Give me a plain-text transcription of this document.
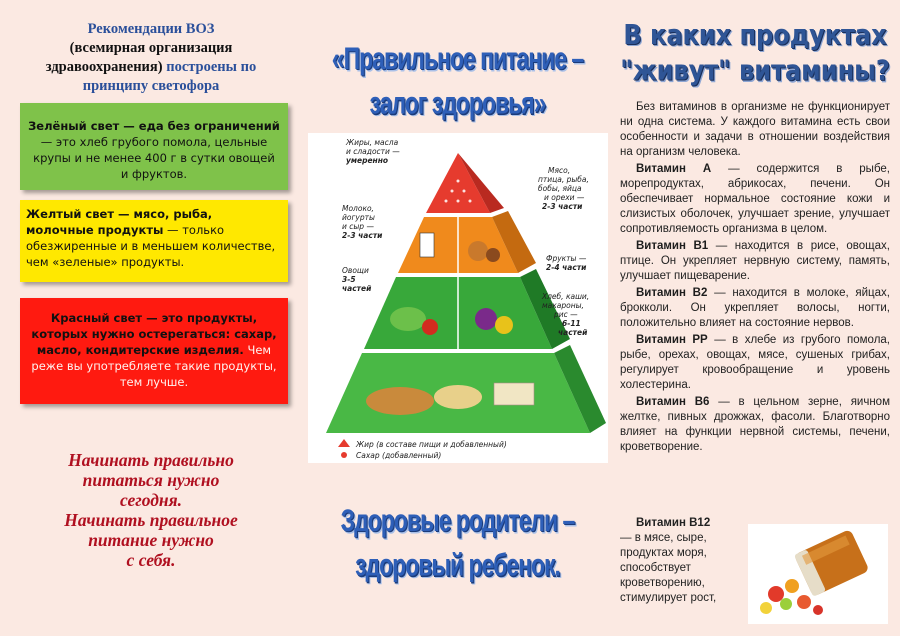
Рекомендации ВОЗ
(всемирная организация здравоохранения) построены по принципу светофора
Зелёный свет — еда без ограничений — это хлеб грубого помола, цельные крупы и не менее 400 г в сутки овощей и фруктов.
Желтый свет — мясо, рыба, молочные продукты — только обезжиренные и в меньшем количестве, чем «зеленые» продукты.
Красный свет — это продукты, которых нужно остерегаться: сахар, масло, кондитерские изделия. Чем реже вы употребляете такие продукты, тем лучше.
Начинать правильно
питаться нужно
сегодня.
Начинать правильное
питание нужно
с себя.
«Правильное питание –
залог здоровья»
Жиры, масла и сладости — умеренно
Мясо, птица, рыба, бобы, яйца и орехи — 2-3 части
Молоко, йогурты и сыр — 2-3 части
Фрукты — 2-4 части
Овощи 3-5 частей
Хлеб, каши, макароны, рис — 6-11 частей
Жир (в составе пищи и добавленный)
Сахар (добавленный)
Здоровые родители –
здоровый ребенок.
В каких продуктах
"живут" витамины?

Без витаминов в организме не функционирует ни одна система. У каждого витамина есть свои особенности и задачи в отношении воздействия на организм человека.

Витамин А — содержится в рыбе, морепродуктах, абрикосах, печени. Он обеспечивает нормальное состояние кожи и слизистых оболочек, улучшает зрение, улучшает сопротивляемость организма в целом.

Витамин В1 — находится в рисе, овощах, птице. Он укрепляет нервную систему, память, улучшает пищеварение.

Витамин В2 — находится в молоке, яйцах, брокколи. Он укрепляет волосы, ногти, положительно влияет на состояние нервов.

Витамин РР — в хлебе из грубого помола, рыбе, орехах, овощах, мясе, сушеных грибах, регулирует кровообращение и уровень холестерина.

Витамин В6 — в цельном зерне, яичном желтке, пивных дрожжах, фасоли. Благотворно влияет на функции нервной системы, печени, кроветворение.

Витамин В12
— в мясе, сыре, продуктах моря, способствует кроветворению, стимулирует рост,
